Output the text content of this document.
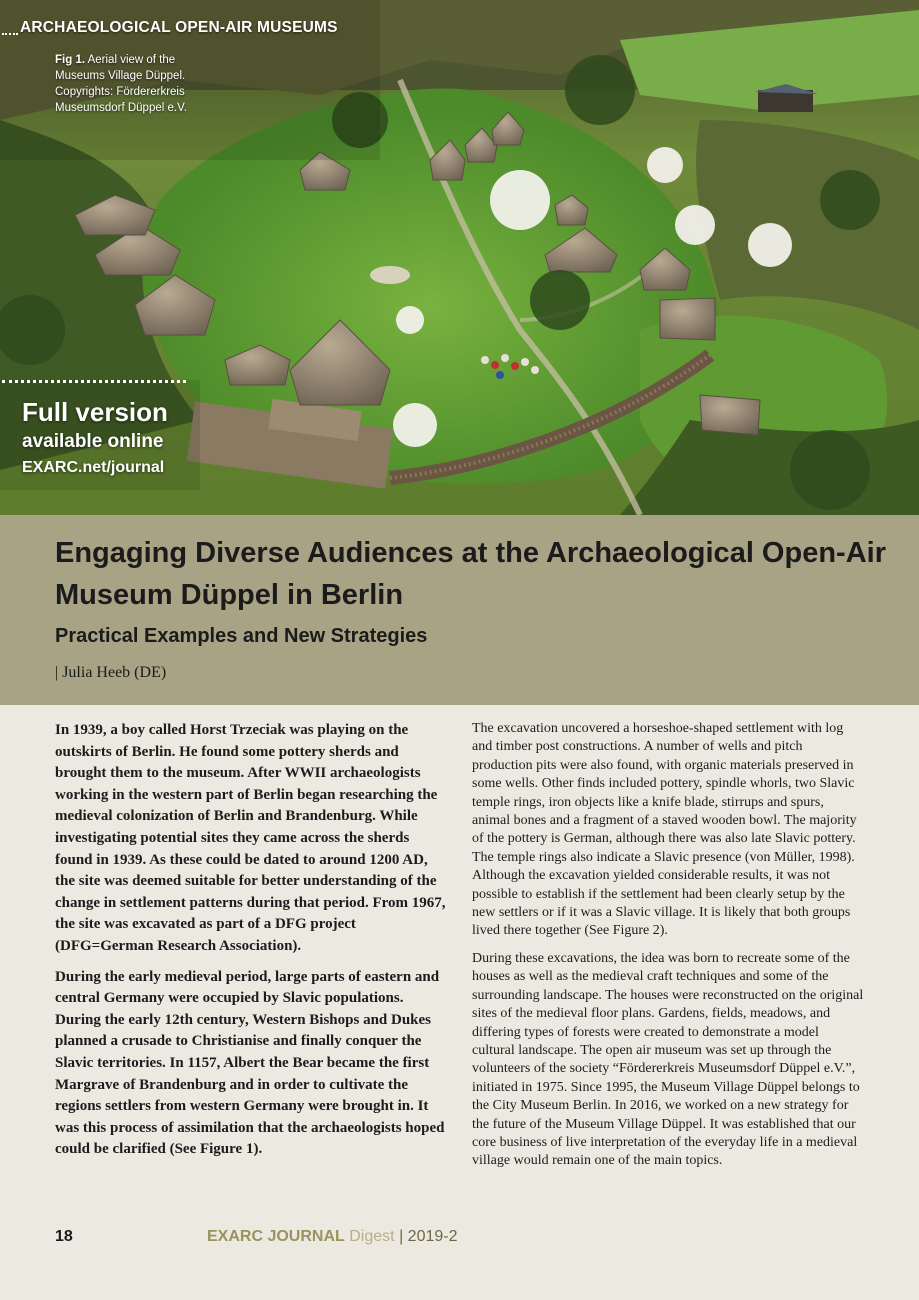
ARCHAEOLOGICAL OPEN-AIR MUSEUMS
Fig 1. Aerial view of the Museums Village Düppel. Copyrights: Fördererkreis Museumsdorf Düppel e.V.
Full version
available online
EXARC.net/journal
Engaging Diverse Audiences at the Archaeological Open-Air Museum Düppel in Berlin
Practical Examples and New Strategies
| Julia Heeb (DE)

In 1939, a boy called Horst Trzeciak was playing on the outskirts of Berlin. He found some pottery sherds and brought them to the museum. After WWII archaeologists working in the western part of Berlin began researching the medieval colonization of Berlin and Brandenburg. While investigating potential sites they came across the sherds found in 1939. As these could be dated to around 1200 AD, the site was deemed suitable for better understanding of the change in settlement patterns during that period. From 1967, the site was excavated as part of a DFG project (DFG=German Research Association).

During the early medieval period, large parts of eastern and central Germany were occupied by Slavic populations. During the early 12th century, Western Bishops and Dukes planned a crusade to Christianise and finally conquer the Slavic territories. In 1157, Albert the Bear became the first Margrave of Brandenburg and in order to cultivate the regions settlers from western Germany were brought in. It was this process of assimilation that the archaeologists hoped could be clarified (See Figure 1).

The excavation uncovered a horseshoe-shaped settlement with log and timber post constructions. A number of wells and pitch production pits were also found, with organic materials preserved in some wells. Other finds included pottery, spindle whorls, two Slavic temple rings, iron objects like a knife blade, stirrups and spurs, animal bones and a fragment of a staved wooden bowl. The majority of the pottery is German, although there was also late Slavic pottery. The temple rings also indicate a Slavic presence (von Müller, 1998). Although the excavation yielded considerable results, it was not possible to establish if the settlement had been clearly setup by the new settlers or if it was a Slavic village. It is likely that both groups lived there together (See Figure 2).

During these excavations, the idea was born to recreate some of the houses as well as the medieval craft techniques and some of the surrounding landscape. The houses were reconstructed on the original sites of the medieval floor plans. Gardens, fields, meadows, and differing types of forests were created to demonstrate a model cultural landscape. The open air museum was set up through the volunteers of the society “Fördererkreis Museumsdorf Düppel e.V.”, initiated in 1975. Since 1995, the Museum Village Düppel belongs to the City Museum Berlin. In 2016, we worked on a new strategy for the future of the Museum Village Düppel. It was established that our core business of live interpretation of the everyday life in a medieval village would remain one of the main topics.

18	EXARC JOURNAL Digest | 2019-2
